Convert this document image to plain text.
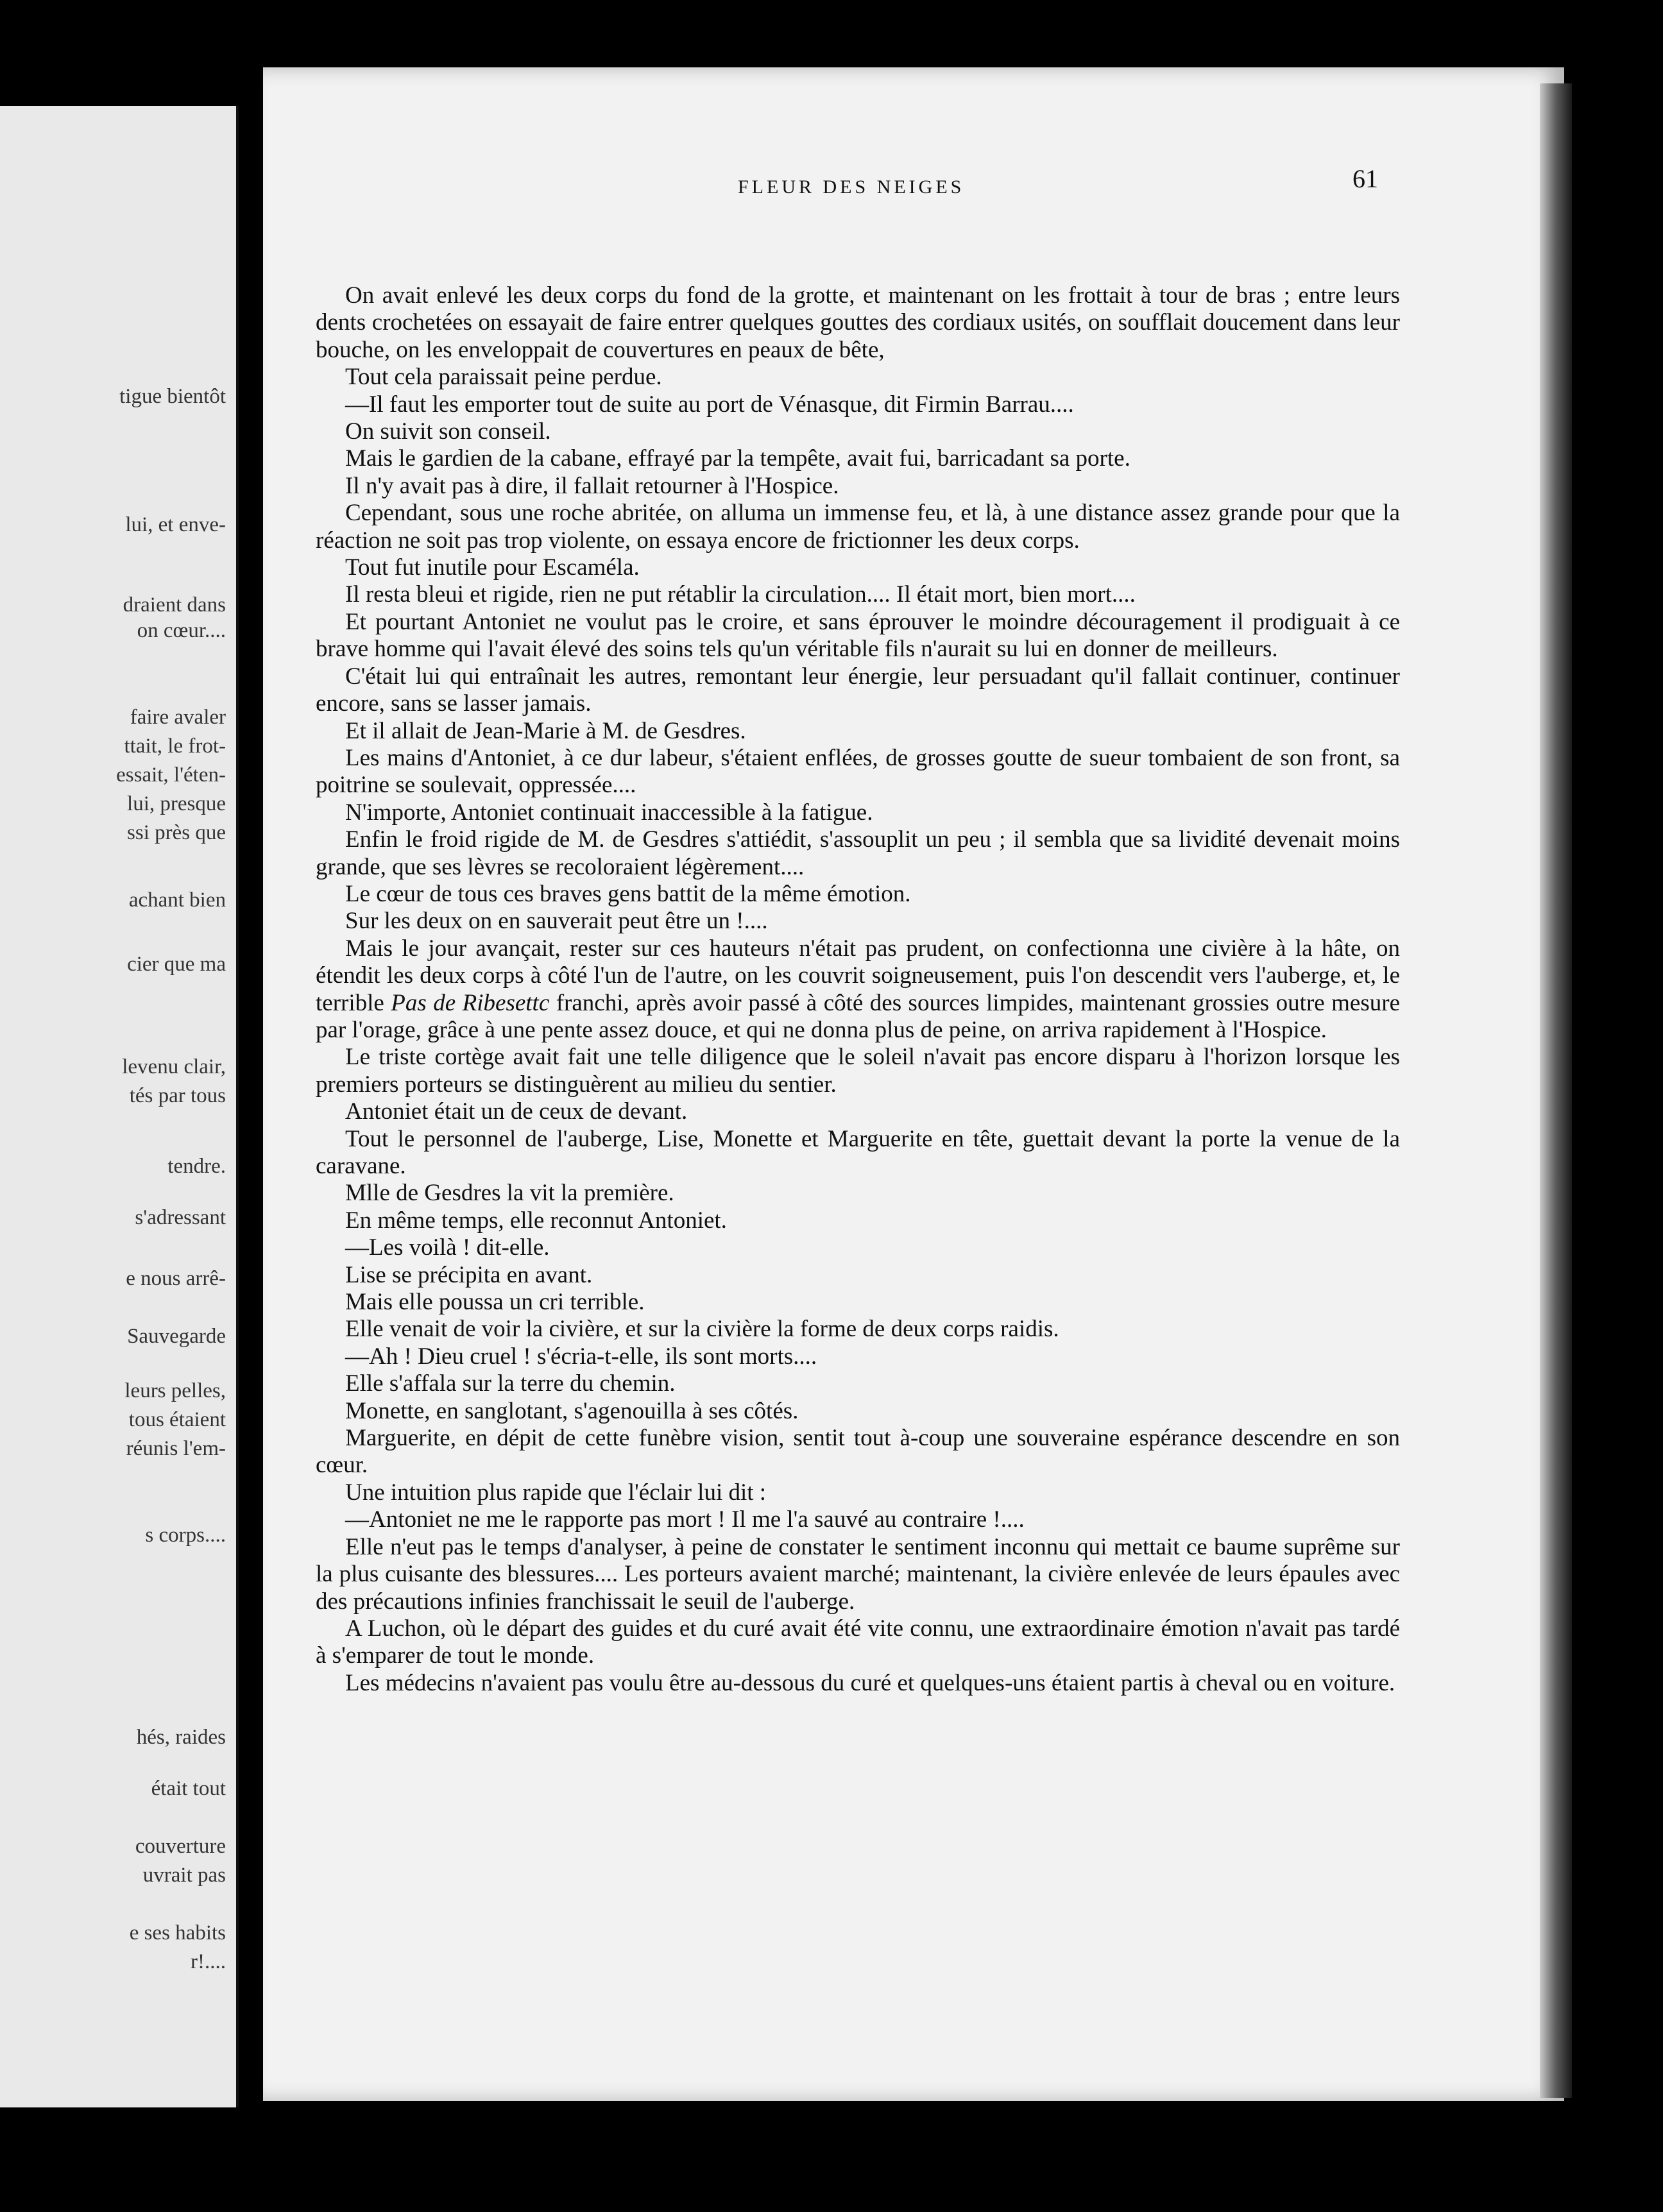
tigue bientôt
lui, et enve-
draient dans
on cœur....
faire avaler
ttait, le frot-
essait, l'éten-
lui, presque
ssi près que
achant bien
cier que ma
levenu clair,
tés par tous
tendre.
s'adressant
e nous arrê-
Sauvegarde
leurs pelles,
tous étaient
réunis l'em-
s corps....
hés, raides
était tout
couverture
uvrait pas
e ses habits
r!....
FLEUR DES NEIGES	61

On avait enlevé les deux corps du fond de la grotte, et maintenant on les frottait à tour de bras ; entre leurs dents crochetées on essayait de faire entrer quelques gouttes des cordiaux usités, on soufflait doucement dans leur bouche, on les enveloppait de couvertures en peaux de bête,

Tout cela paraissait peine perdue.

—Il faut les emporter tout de suite au port de Vénasque, dit Firmin Barrau....

On suivit son conseil.

Mais le gardien de la cabane, effrayé par la tempête, avait fui, barricadant sa porte.

Il n'y avait pas à dire, il fallait retourner à l'Hospice.

Cependant, sous une roche abritée, on alluma un immense feu, et là, à une distance assez grande pour que la réaction ne soit pas trop violente, on essaya encore de frictionner les deux corps.

Tout fut inutile pour Escaméla.

Il resta bleui et rigide, rien ne put rétablir la circulation.... Il était mort, bien mort....

Et pourtant Antoniet ne voulut pas le croire, et sans éprouver le moindre découragement il prodiguait à ce brave homme qui l'avait élevé des soins tels qu'un véritable fils n'aurait su lui en donner de meilleurs.

C'était lui qui entraînait les autres, remontant leur énergie, leur persuadant qu'il fallait continuer, continuer encore, sans se lasser jamais.

Et il allait de Jean-Marie à M. de Gesdres.

Les mains d'Antoniet, à ce dur labeur, s'étaient enflées, de grosses goutte de sueur tombaient de son front, sa poitrine se soulevait, oppressée....

N'importe, Antoniet continuait inaccessible à la fatigue.

Enfin le froid rigide de M. de Gesdres s'attiédit, s'assouplit un peu ; il sembla que sa lividité devenait moins grande, que ses lèvres se recoloraient légèrement....

Le cœur de tous ces braves gens battit de la même émotion.

Sur les deux on en sauverait peut être un !....

Mais le jour avançait, rester sur ces hauteurs n'était pas prudent, on confectionna une civière à la hâte, on étendit les deux corps à côté l'un de l'autre, on les couvrit soigneusement, puis l'on descendit vers l'auberge, et, le terrible Pas de Ribesettc franchi, après avoir passé à côté des sources limpides, maintenant grossies outre mesure par l'orage, grâce à une pente assez douce, et qui ne donna plus de peine, on arriva rapidement à l'Hospice.

Le triste cortège avait fait une telle diligence que le soleil n'avait pas encore disparu à l'horizon lorsque les premiers porteurs se distinguèrent au milieu du sentier.

Antoniet était un de ceux de devant.

Tout le personnel de l'auberge, Lise, Monette et Marguerite en tête, guettait devant la porte la venue de la caravane.

Mlle de Gesdres la vit la première.

En même temps, elle reconnut Antoniet.

—Les voilà ! dit-elle.

Lise se précipita en avant.

Mais elle poussa un cri terrible.

Elle venait de voir la civière, et sur la civière la forme de deux corps raidis.

—Ah ! Dieu cruel ! s'écria-t-elle, ils sont morts....

Elle s'affala sur la terre du chemin.

Monette, en sanglotant, s'agenouilla à ses côtés.

Marguerite, en dépit de cette funèbre vision, sentit tout à-coup une souveraine espérance descendre en son cœur.

Une intuition plus rapide que l'éclair lui dit :

—Antoniet ne me le rapporte pas mort ! Il me l'a sauvé au contraire !....

Elle n'eut pas le temps d'analyser, à peine de constater le sentiment inconnu qui mettait ce baume suprême sur la plus cuisante des blessures.... Les porteurs avaient marché; maintenant, la civière enlevée de leurs épaules avec des précautions infinies franchissait le seuil de l'auberge.

A Luchon, où le départ des guides et du curé avait été vite connu, une extraordinaire émotion n'avait pas tardé à s'emparer de tout le monde.

Les médecins n'avaient pas voulu être au-dessous du curé et quelques-uns étaient partis à cheval ou en voiture.
